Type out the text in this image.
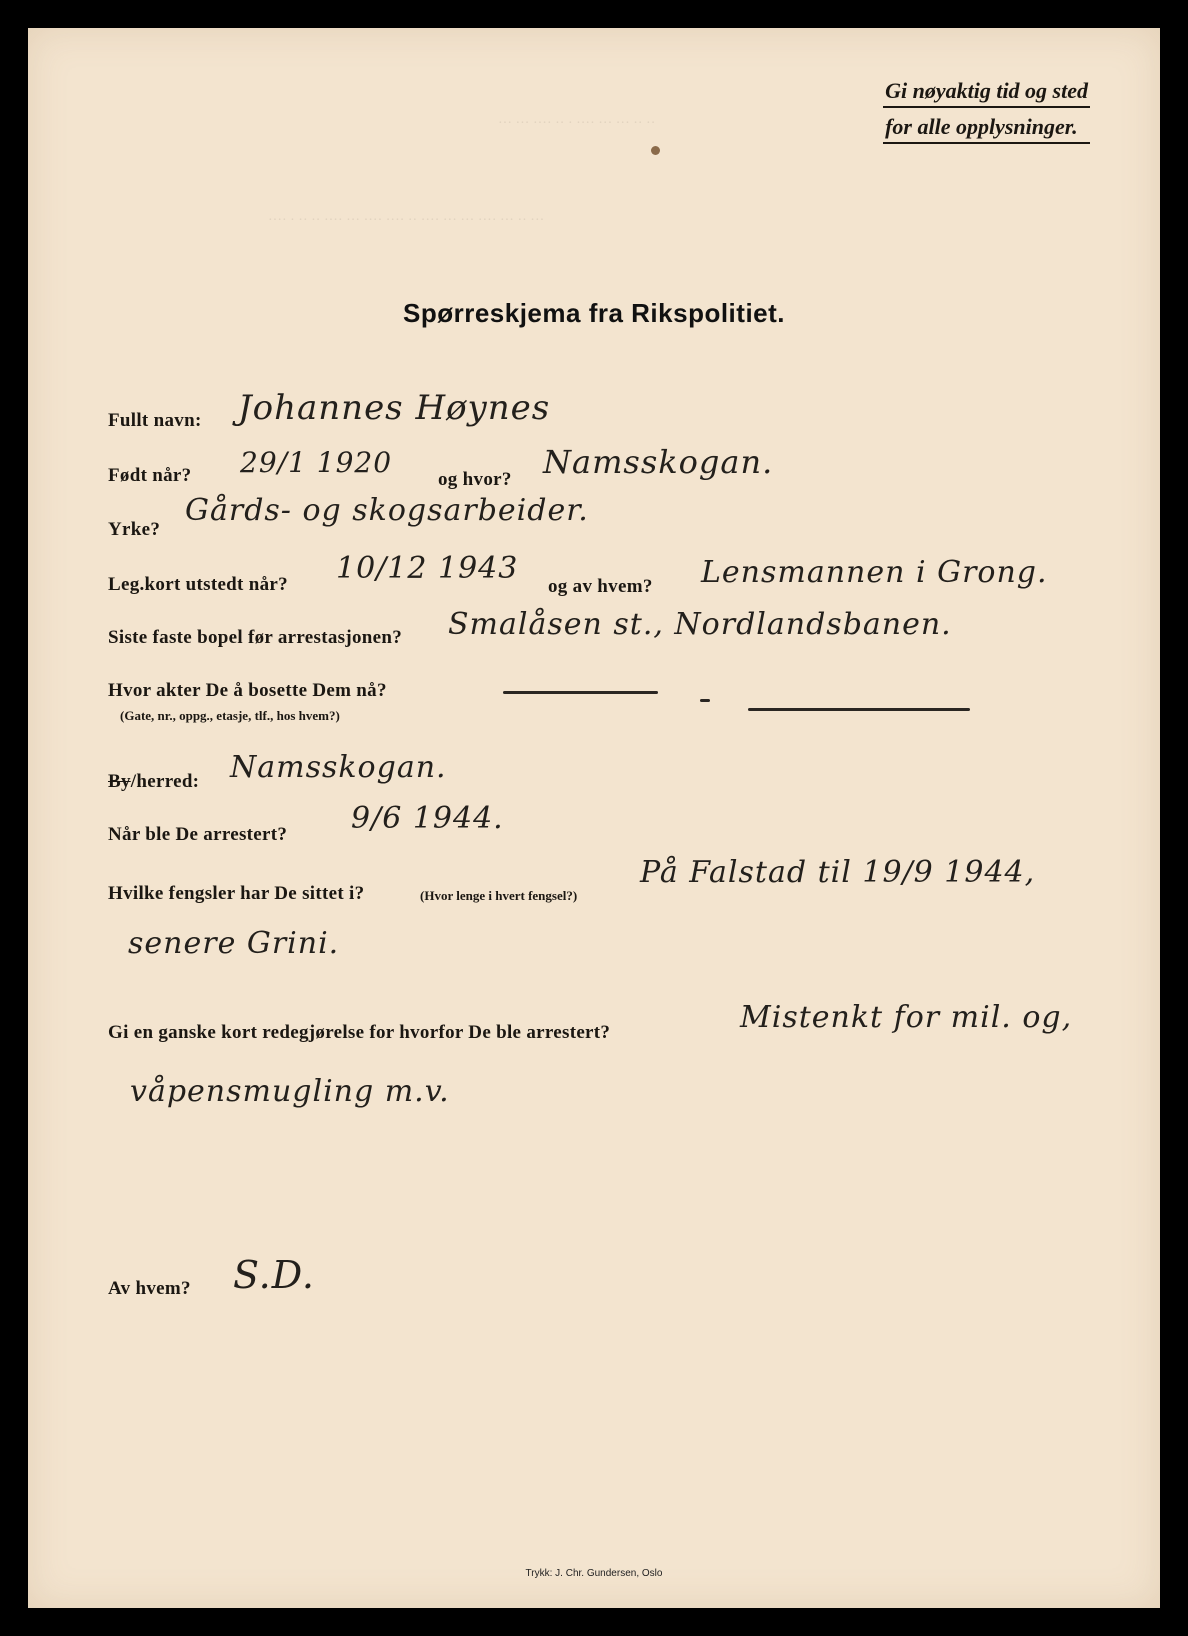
··· ··· ···· ·· · ···· ··· ··· ·· ··
···· · ·· ·· ···· ··· ···· ···· ·· ···· ··· ··· ···· ··· ·· ···
Gi nøyaktig tid og sted
for alle opplysninger.
Spørreskjema fra Rikspolitiet.
Fullt navn: Johannes Høynes
Født når? 29/1 1920
og hvor? Namsskogan.
Yrke?
Gårds- og skogsarbeider.
Leg.kort utstedt når? 10/12 1943
og av hvem? Lensmannen i Grong.
Siste faste bopel før arrestasjonen? Smalåsen st., Nordlandsbanen.
Hvor akter De å bosette Dem nå?
(Gate, nr., oppg., etasje, tlf., hos hvem?)
By/herred: Namsskogan.
Når ble De arrestert? 9/6 1944.
Hvilke fengsler har De sittet i?	(Hvor lenge i hvert fengsel?)
På Falstad til 19/9 1944,
senere Grini.
Gi en ganske kort redegjørelse for hvorfor De ble arrestert?	Mistenkt for mil. og,
våpensmugling m.v.
Av hvem? S.D.
Trykk: J. Chr. Gundersen, Oslo
